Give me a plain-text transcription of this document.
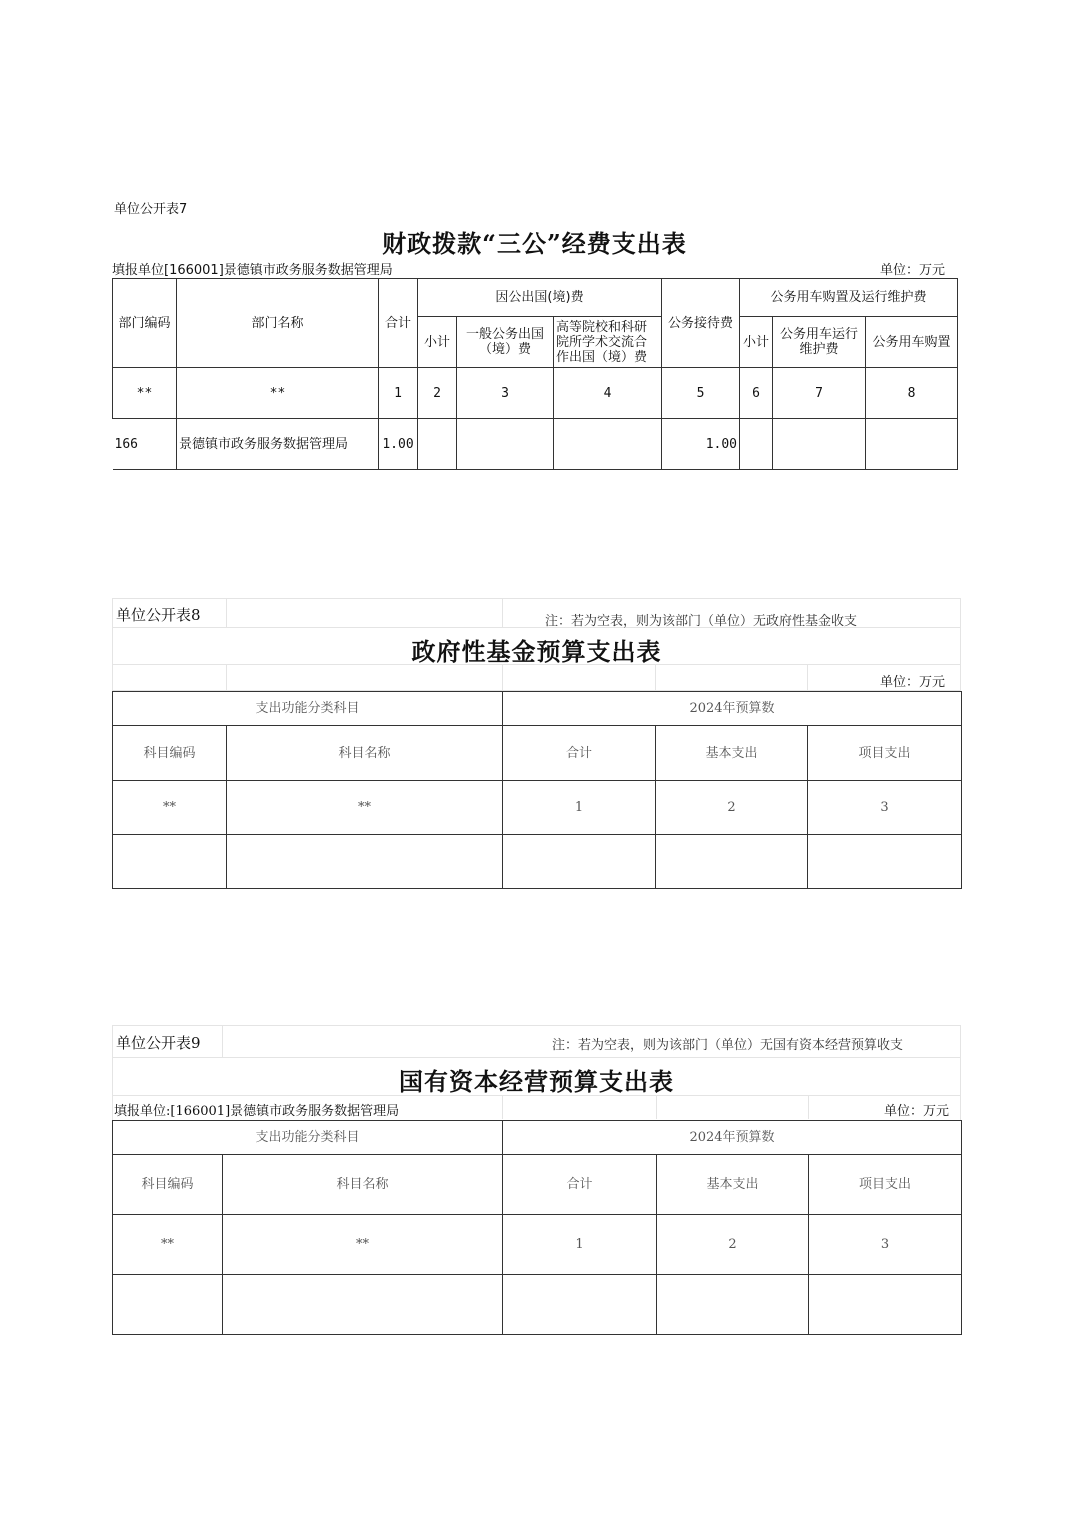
单位公开表7
财政拨款“三公”经费支出表
填报单位[166001]景德镇市政务服务数据管理局	单位：万元
部门编码	部门名称	合计	因公出国(境)费			公务接待费	公务用车购置及运行维护费		
			小计	一般公务出国（境）费	高等院校和科研院所学术交流合作出国（境）费		小计	公务用车运行维护费	公务用车购置
**	**	1	2	3	4	5	6	7	8
166	景德镇市政务服务数据管理局	1.00				1.00			
单位公开表8	注：若为空表，则为该部门（单位）无政府性基金收支
政府性基金预算支出表
单位：万元
支出功能分类科目		2024年预算数		
科目编码	科目名称	合计	基本支出	项目支出
**	**	1	2	3

单位公开表9	注：若为空表，则为该部门（单位）无国有资本经营预算收支
国有资本经营预算支出表
填报单位:[166001]景德镇市政务服务数据管理局	单位：万元
支出功能分类科目		2024年预算数		
科目编码	科目名称	合计	基本支出	项目支出
**	**	1	2	3
